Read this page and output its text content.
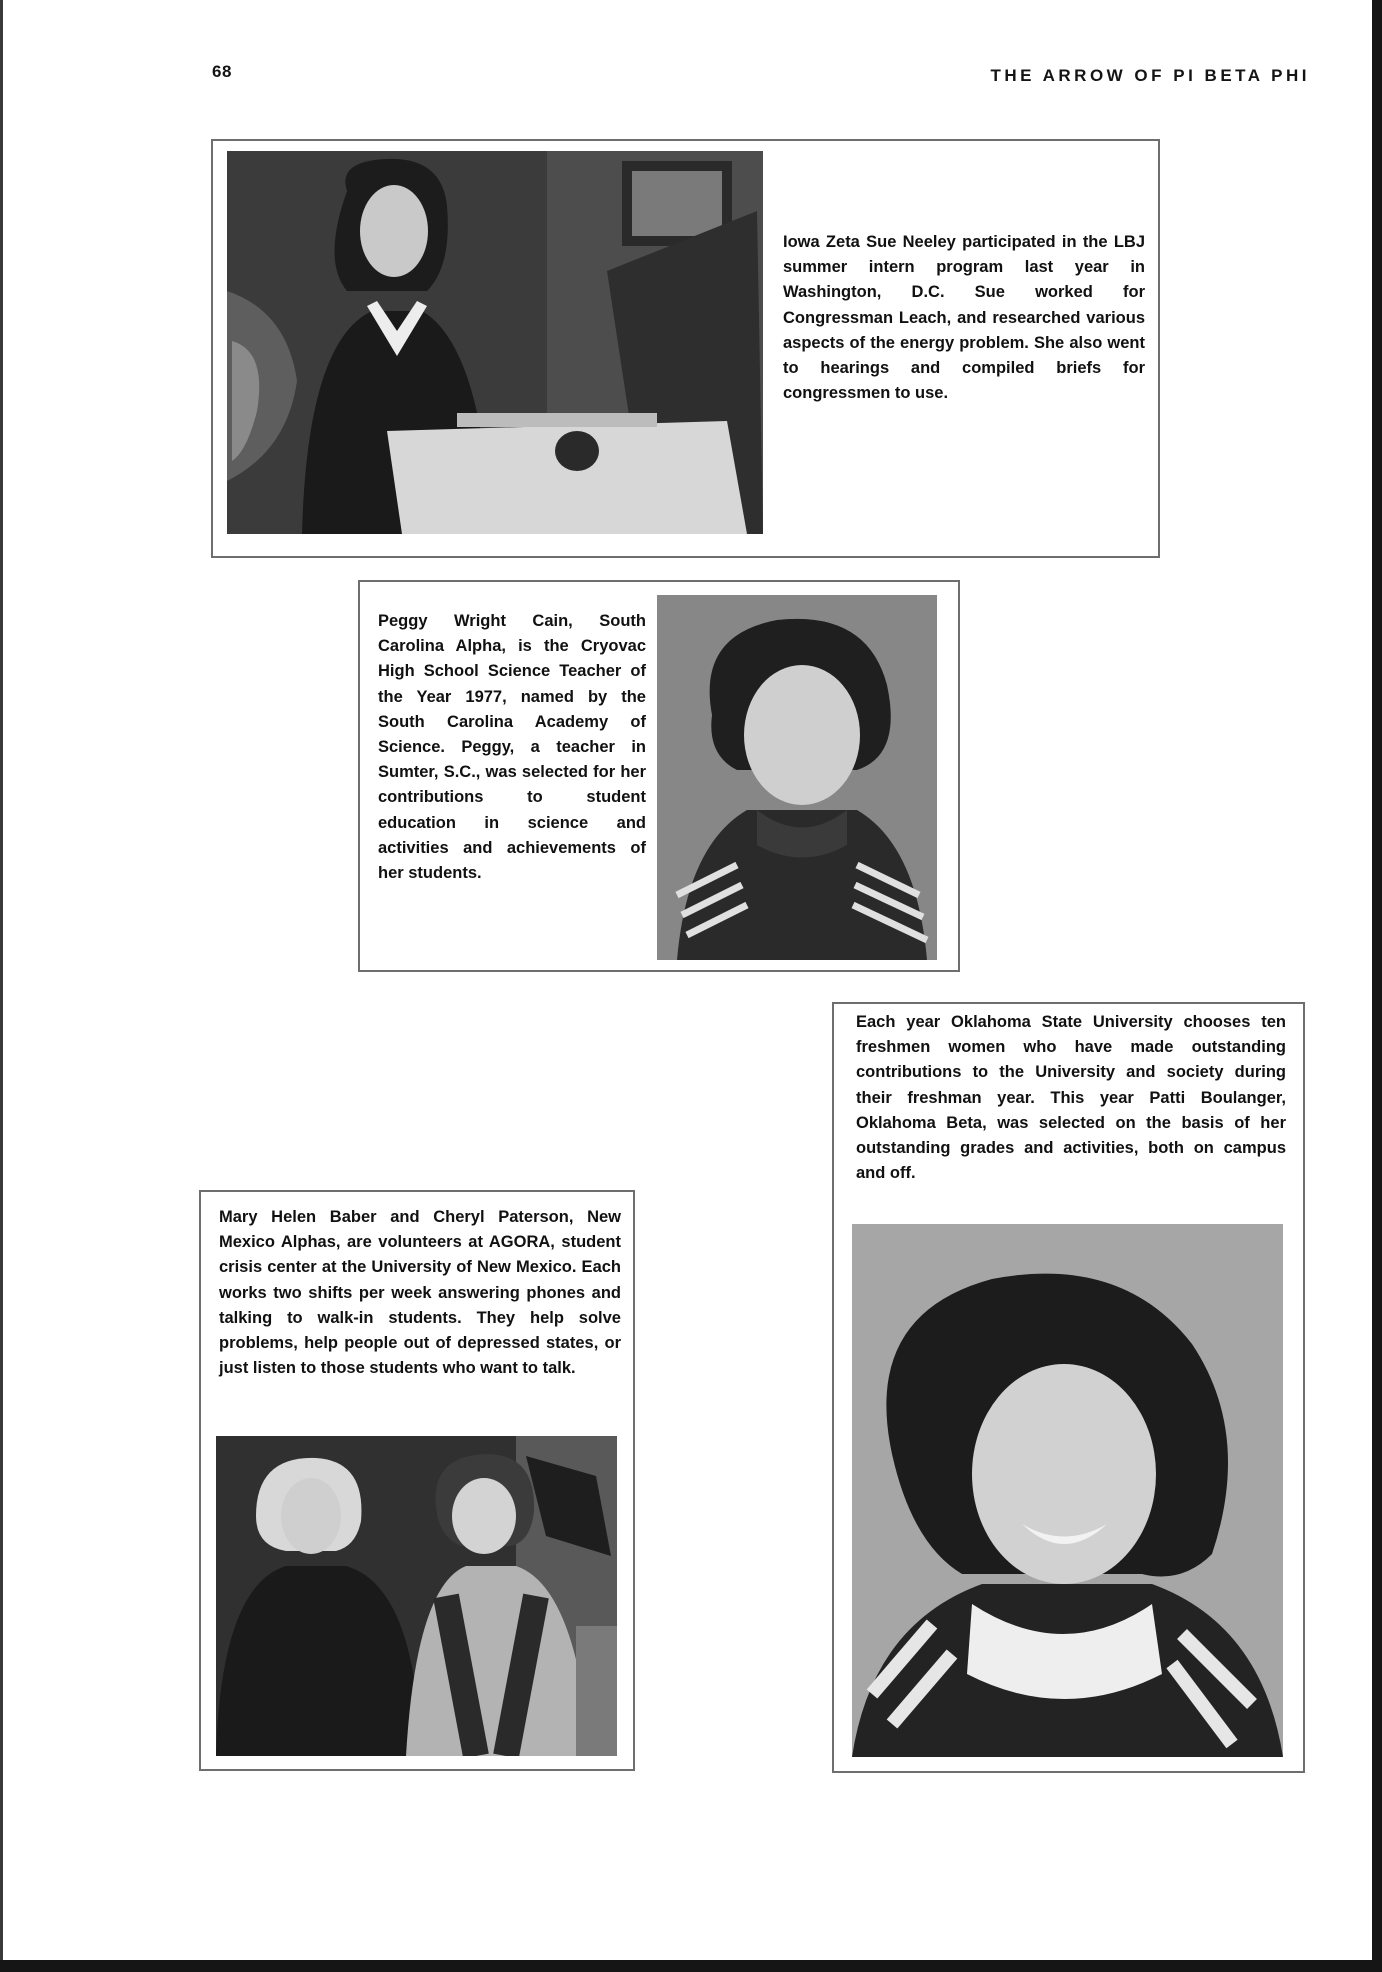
68	THE ARROW OF PI BETA PHI
Iowa Zeta Sue Neeley participated in the LBJ summer intern program last year in Washington, D.C. Sue worked for Congressman Leach, and researched various aspects of the energy problem. She also went to hearings and compiled briefs for congressmen to use.
Peggy Wright Cain, South Carolina Alpha, is the Cryovac High School Science Teacher of the Year 1977, named by the South Carolina Academy of Science. Peggy, a teacher in Sumter, S.C., was selected for her contributions to student education in science and activities and achievements of her students.
Mary Helen Baber and Cheryl Paterson, New Mexico Alphas, are volunteers at AGORA, student crisis center at the University of New Mexico. Each works two shifts per week answering phones and talking to walk-in students. They help solve problems, help people out of depressed states, or just listen to those students who want to talk.
Each year Oklahoma State University chooses ten freshmen women who have made outstanding contributions to the University and society during their freshman year. This year Patti Boulanger, Oklahoma Beta, was selected on the basis of her outstanding grades and activities, both on campus and off.
